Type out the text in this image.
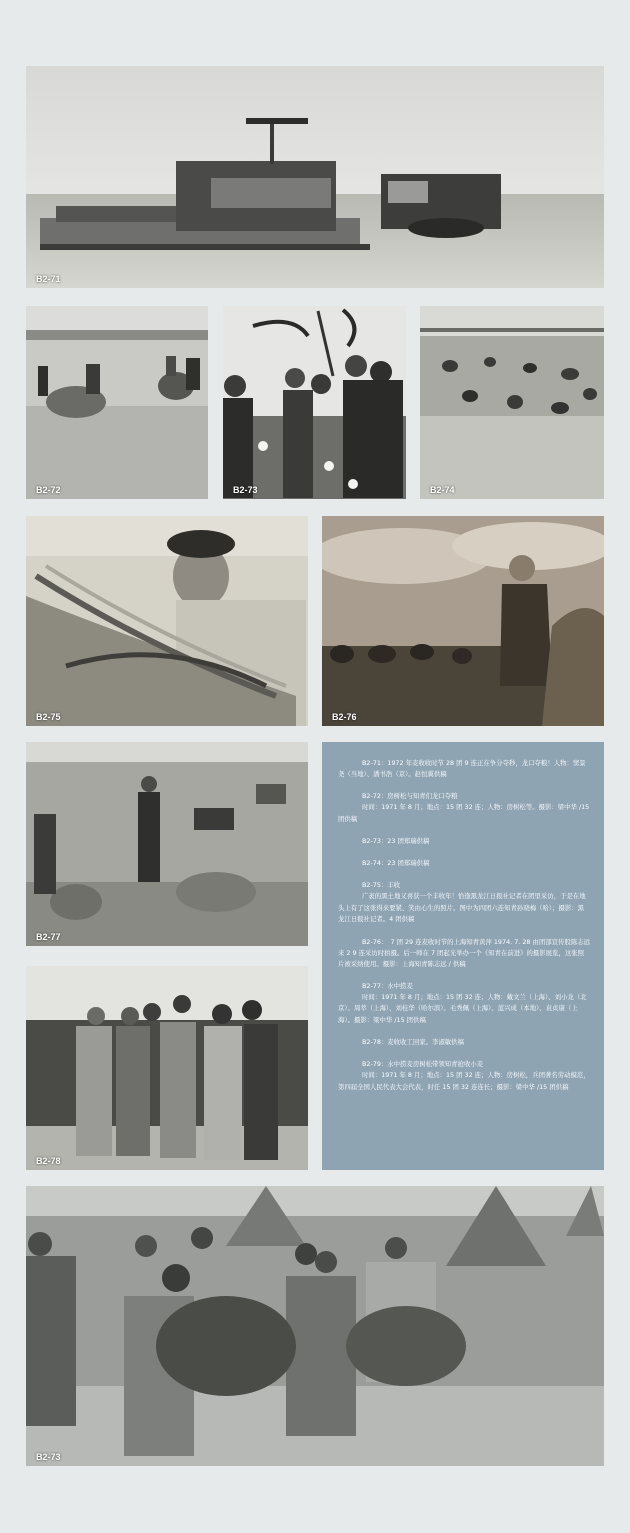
B2-71
B2-72	B2-73	B2-74
B2-75	B2-76
B2-77
B2-71：1972 年麦收收时节 28 团 9 连正在争分夺秒，龙口夺粮！人物：窦景尧（当地）、潘书浩（京）。赵恒翼供稿
B2-72：房树松与知青们龙口夺粮
时间：1971 年 8 月；地点：15 团 32 连；人物：房树松等。摄影：梁中华 /15 团供稿
B2-73：23 团郑瑞供稿
B2-74：23 团郑瑞供稿
B2-75：丰收
广袤的黑土地又喜获一个丰收年！恰逢黑龙江日报社记者在团里采访，于是在地头上有了这张得来要紧、笑由心生的照片。图中为四团六连知青孙晓梅（哈）；摄影：黑龙江日报社记者。4 团供稿
B2-76：　7 团 29 连麦收时节的上海知青黄萍 1974. 7. 28 由团部宣传股陈志远 来 2 9 连采访时拍摄。后一师在 7 团起光举办一个《知青在前进》的摄影展览，这张照片被采纳使用。摄影：上海知青陈志远 / 供稿
B2-77：水中捞麦
时间：1971 年 8 月；地点：15 团 32 连；人物：戴文兰（上海）、刘小龙（北京）、周萃（上海）、刘桂华（哈尔滨）、毛秀佩（上海）、蓝兴成（本地）、袁贞康（上海）。摄影：梁中华 /15 团供稿
B2-78：麦收收工回家。李淑敏供稿
B2-79：水中捞麦房树松带领知青抢收小麦
时间：1971 年 8 月；地点：15 团 32 连；人物：房树松，兵团著名劳动模范，第四届全国人民代表大会代表，时任 15 团 32 连连长；摄影：梁中华 /15 团供稿
B2-78
B2-73
